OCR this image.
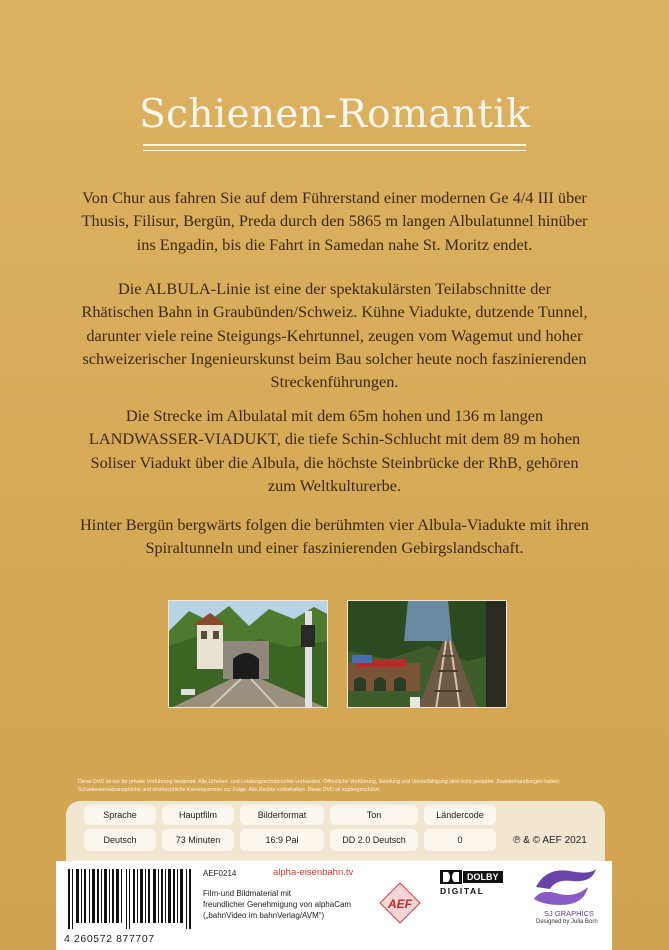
Schienen-Romantik

Von Chur aus fahren Sie auf dem Führerstand einer modernen Ge 4/4 III über Thusis, Filisur, Bergün, Preda durch den 5865 m langen Albulatunnel hinüber ins Engadin, bis die Fahrt in Samedan nahe St. Moritz endet.

Die ALBULA-Linie ist eine der spektakulärsten Teilabschnitte der Rhätischen Bahn in Graubünden/Schweiz. Kühne Viadukte, dutzende Tunnel, darunter viele reine Steigungs-Kehrtunnel, zeugen vom Wagemut und hoher schweizerischer Ingenieurskunst beim Bau solcher heute noch faszinierenden Streckenführungen.

Die Strecke im Albulatal mit dem 65m hohen und 136 m langen LANDWASSER-VIADUKT, die tiefe Schin-Schlucht mit dem 89 m hohen Soliser Viadukt über die Albula, die höchste Steinbrücke der RhB, gehören zum Weltkulturerbe.

Hinter Bergün bergwärts folgen die berühmten vier Albula-Viadukte mit ihren Spiraltunneln und einer faszinierenden Gebirgslandschaft.

Diese DVD ist nur für private Vorführung bestimmt. Alle Urheber- und Leistungsschutzrechte vorhanden. Öffentliche Vorführung, Sendung und Vervielfältigung sind nicht gestattet. Zuwiderhandlungen haben Schadensersatzansprüche und strafrechtliche Konsequenzen zur Folge. Alle Rechte vorbehalten. Diese DVD ist kopiergeschützt.
Sprache	Hauptfilm	Bilderformat	Ton	Ländercode
Deutsch	73 Minuten	16:9 Pal	DD 2.0 Deutsch	0	℗ & © AEF 2021
4 260572 877707
AEF0214	alpha-eisenbahn.tv
Film-und Bildmaterial mit
freundlicher Genehmigung von alphaCam
(„bahnVideo im bahnVerlag/AVM“)
AEF
DOLBY
DIGITAL
SJ GRAPHICS
Designed by Julia Born
